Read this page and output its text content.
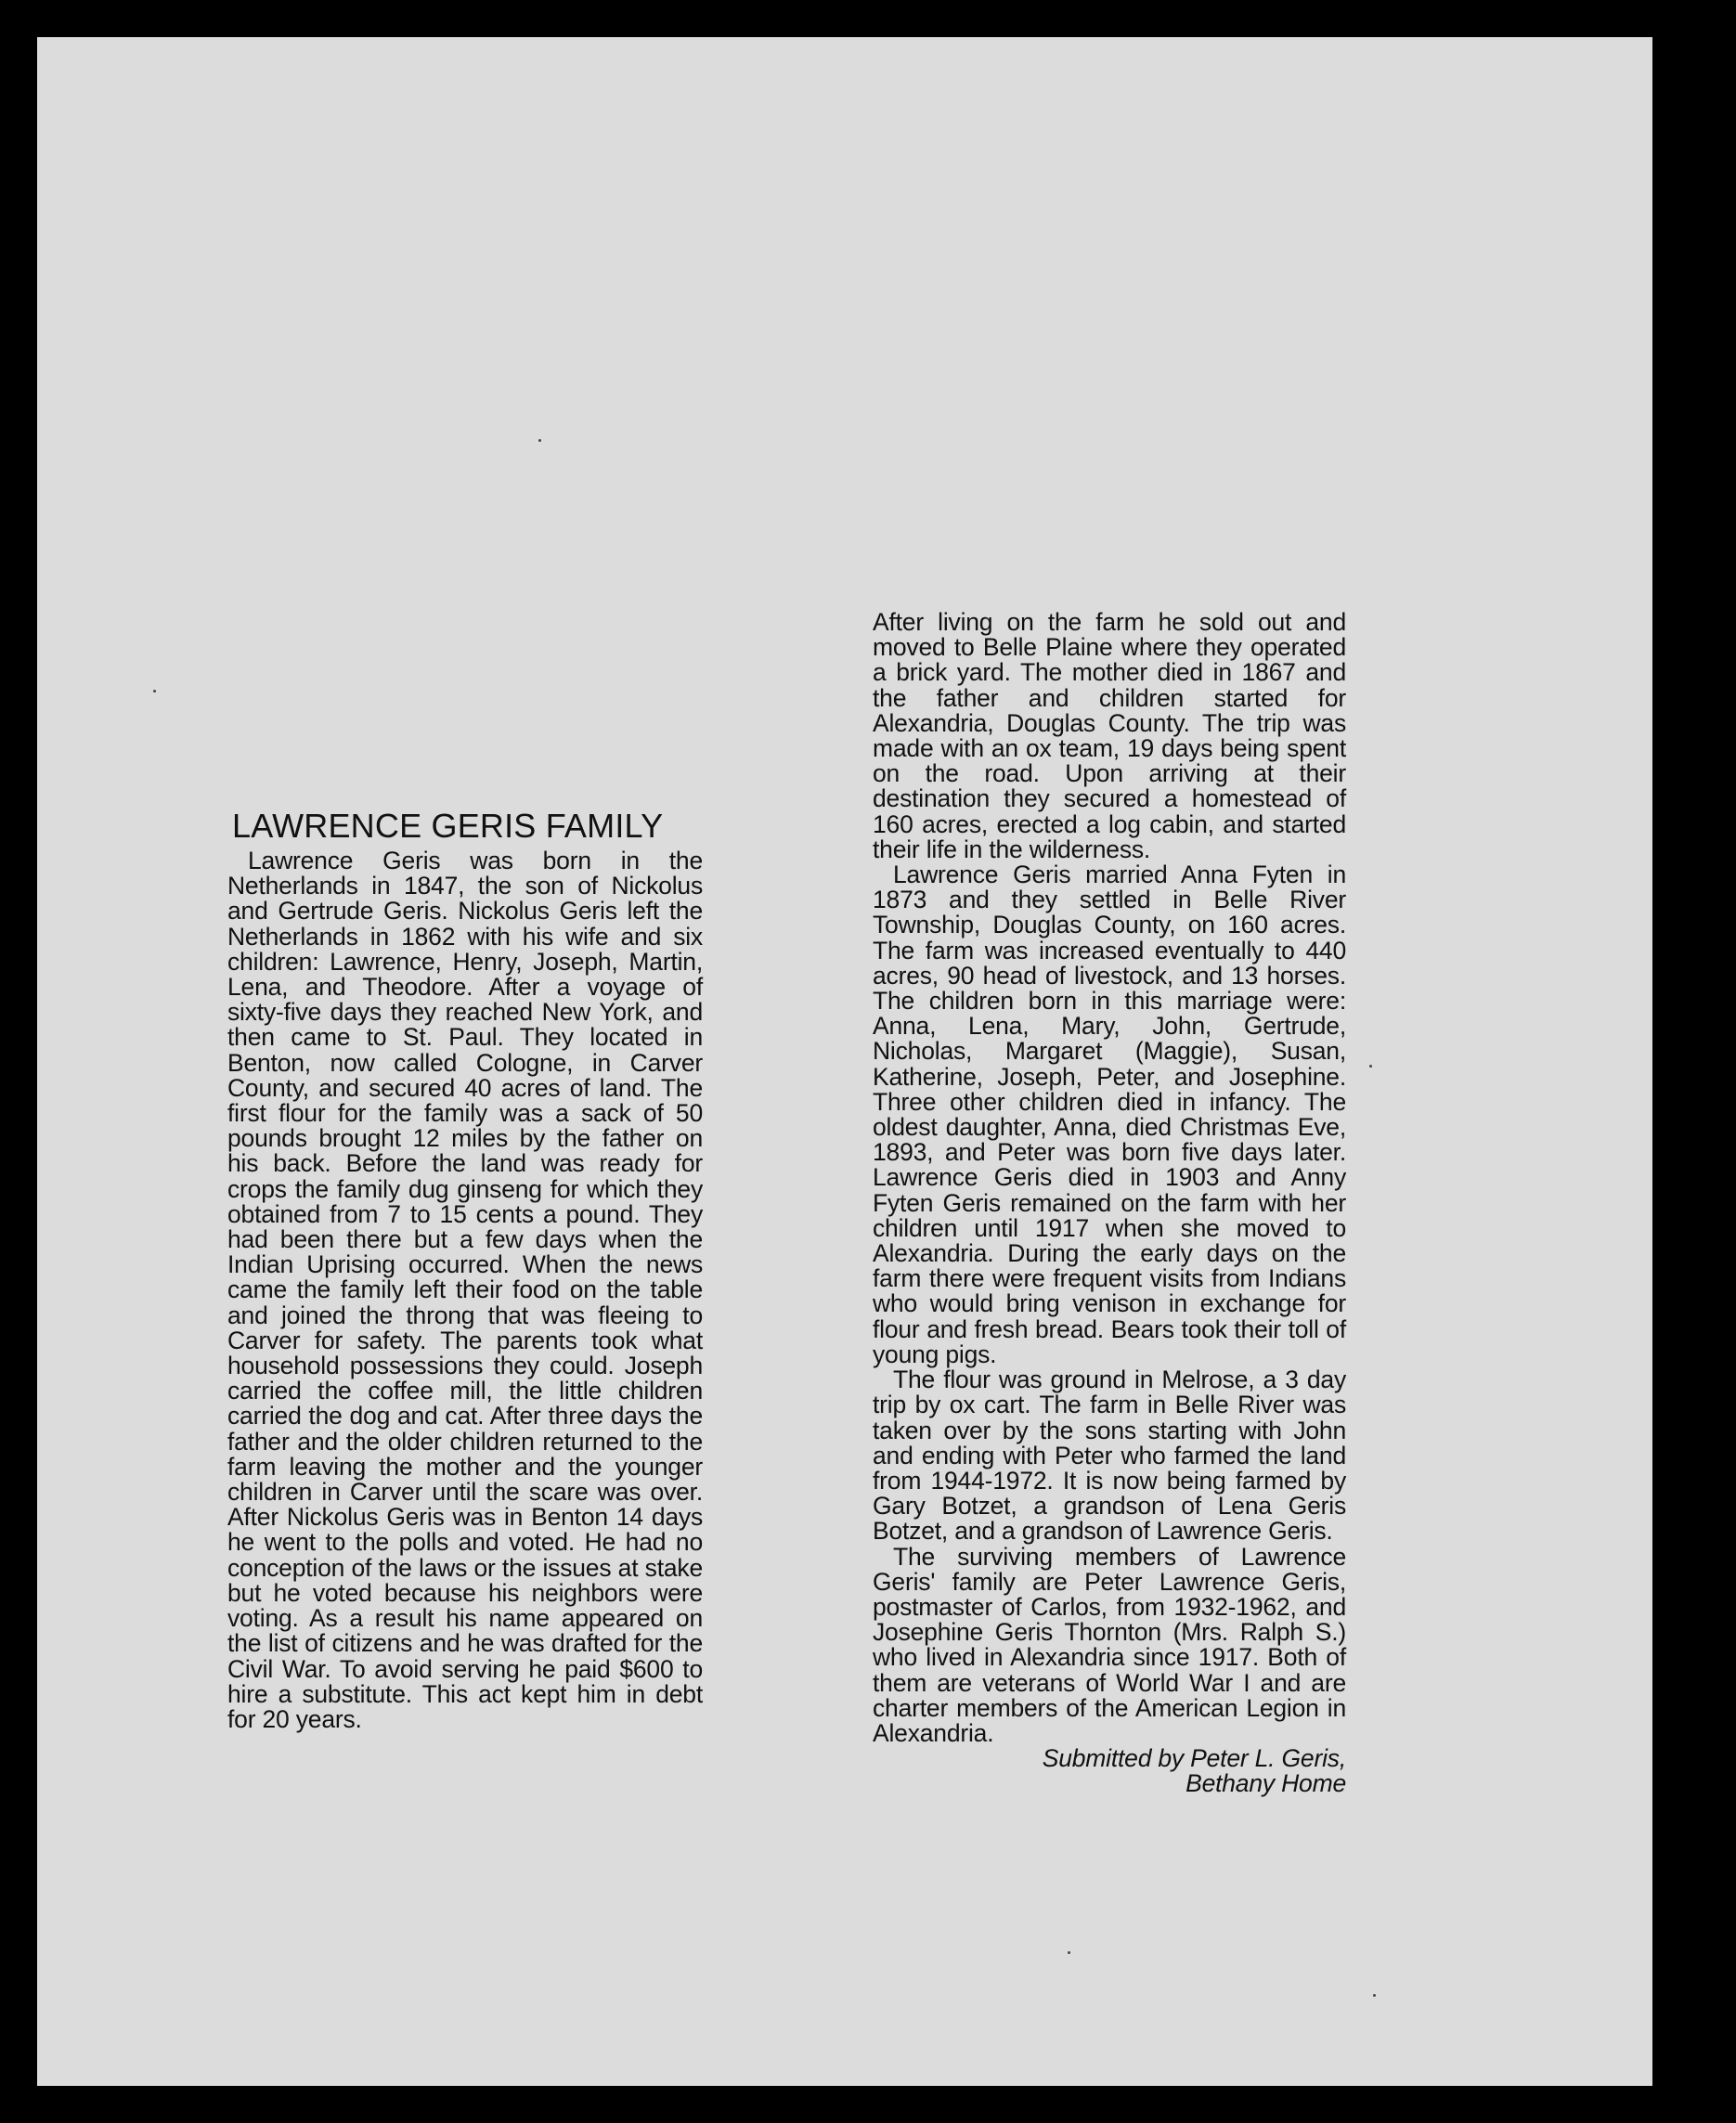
LAWRENCE GERIS FAMILY

Lawrence Geris was born in the Netherlands in 1847, the son of Nickolus and Gertrude Geris. Nickolus Geris left the Netherlands in 1862 with his wife and six children: Lawrence, Henry, Joseph, Martin, Lena, and Theodore. After a voyage of sixty-five days they reached New York, and then came to St. Paul. They located in Benton, now called Cologne, in Carver County, and secured 40 acres of land. The first flour for the family was a sack of 50 pounds brought 12 miles by the father on his back. Before the land was ready for crops the family dug ginseng for which they obtained from 7 to 15 cents a pound. They had been there but a few days when the Indian Uprising occurred. When the news came the family left their food on the table and joined the throng that was fleeing to Carver for safety. The parents took what household possessions they could. Joseph carried the coffee mill, the little children carried the dog and cat. After three days the father and the older children returned to the farm leaving the mother and the younger children in Carver until the scare was over. After Nickolus Geris was in Benton 14 days he went to the polls and voted. He had no conception of the laws or the issues at stake but he voted because his neighbors were voting. As a result his name appeared on the list of citizens and he was drafted for the Civil War. To avoid serving he paid $600 to hire a substitute. This act kept him in debt for 20 years.

After living on the farm he sold out and moved to Belle Plaine where they operated a brick yard. The mother died in 1867 and the father and children started for Alexandria, Douglas County. The trip was made with an ox team, 19 days being spent on the road. Upon arriving at their destination they secured a homestead of 160 acres, erected a log cabin, and started their life in the wilderness.

Lawrence Geris married Anna Fyten in 1873 and they settled in Belle River Township, Douglas County, on 160 acres. The farm was increased eventually to 440 acres, 90 head of livestock, and 13 horses. The children born in this marriage were: Anna, Lena, Mary, John, Gertrude, Nicholas, Margaret (Maggie), Susan, Katherine, Joseph, Peter, and Josephine. Three other children died in infancy. The oldest daughter, Anna, died Christmas Eve, 1893, and Peter was born five days later. Lawrence Geris died in 1903 and Anny Fyten Geris remained on the farm with her children until 1917 when she moved to Alexandria. During the early days on the farm there were frequent visits from Indians who would bring venison in exchange for flour and fresh bread. Bears took their toll of young pigs.

The flour was ground in Melrose, a 3 day trip by ox cart. The farm in Belle River was taken over by the sons starting with John and ending with Peter who farmed the land from 1944-1972. It is now being farmed by Gary Botzet, a grandson of Lena Geris Botzet, and a grandson of Lawrence Geris.

The surviving members of Lawrence Geris' family are Peter Lawrence Geris, postmaster of Carlos, from 1932-1962, and Josephine Geris Thornton (Mrs. Ralph S.) who lived in Alexandria since 1917. Both of them are veterans of World War I and are charter members of the American Legion in Alexandria.

Submitted by Peter L. Geris,

Bethany Home
